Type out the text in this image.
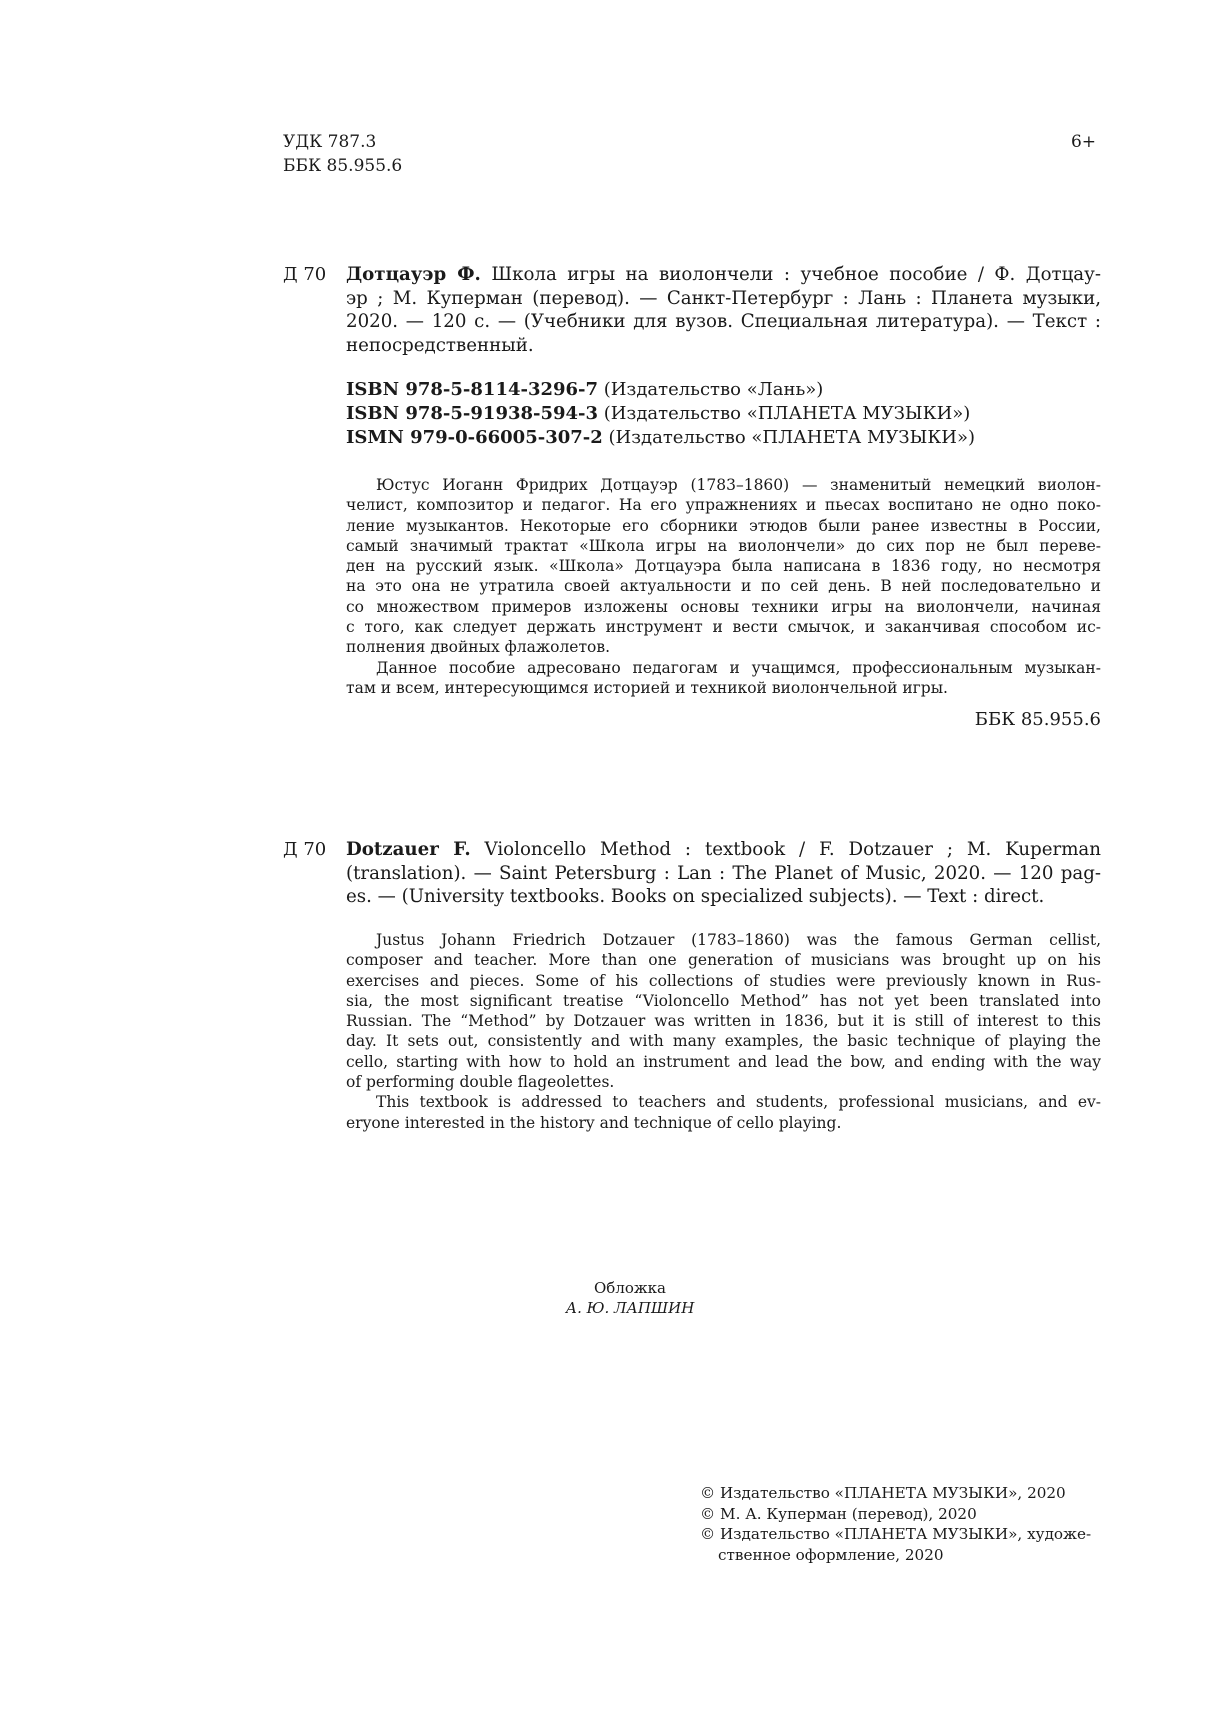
УДК 787.3
ББК 85.955.6
6+
Д 70 Дотцауэр Ф. Школа игры на виолончели : учебное пособие / Ф. Дотцау-
эр ; М. Куперман (перевод). — Санкт-Петербург : Лань : Планета музыки,
2020. — 120 с. — (Учебники для вузов. Специальная литература). — Текст :
непосредственный.
ISBN 978-5-8114-3296-7 (Издательство «Лань»)
ISBN 978-5-91938-594-3 (Издательство «ПЛАНЕТА МУЗЫКИ»)
ISMN 979-0-66005-307-2 (Издательство «ПЛАНЕТА МУЗЫКИ»)
Юстус Иоганн Фридрих Дотцауэр (1783–1860) — знаменитый немецкий виолон-
челист, композитор и педагог. На его упражнениях и пьесах воспитано не одно поко-
ление музыкантов. Некоторые его сборники этюдов были ранее известны в России,
самый значимый трактат «Школа игры на виолончели» до сих пор не был переве-
ден на русский язык. «Школа» Дотцауэра была написана в 1836 году, но несмотря
на это она не утратила своей актуальности и по сей день. В ней последовательно и
со множеством примеров изложены основы техники игры на виолончели, начиная
с того, как следует держать инструмент и вести смычок, и заканчивая способом ис-
полнения двойных флажолетов.
Данное пособие адресовано педагогам и учащимся, профессиональным музыкан-
там и всем, интересующимся историей и техникой виолончельной игры.
ББК 85.955.6
Д 70 Dotzauer F. Violoncello Method : textbook / F. Dotzauer ; M. Kuperman
(translation). — Saint Petersburg : Lan : The Planet of Music, 2020. — 120 pag-
es. — (University textbooks. Books on specialized subjects). — Text : direct.
Justus Johann Friedrich Dotzauer (1783–1860) was the famous German cellist,
composer and teacher. More than one generation of musicians was brought up on his
exercises and pieces. Some of his collections of studies were previously known in Rus-
sia, the most significant treatise “Violoncello Method” has not yet been translated into
Russian. The “Method” by Dotzauer was written in 1836, but it is still of interest to this
day. It sets out, consistently and with many examples, the basic technique of playing the
cello, starting with how to hold an instrument and lead the bow, and ending with the way
of performing double flageolettes.
This textbook is addressed to teachers and students, professional musicians, and ev-
eryone interested in the history and technique of cello playing.
Обложка
А. Ю. ЛАПШИН
© Издательство «ПЛАНЕТА МУЗЫКИ», 2020
© М. А. Куперман (перевод), 2020
© Издательство «ПЛАНЕТА МУЗЫКИ», художе-
ственное оформление, 2020
